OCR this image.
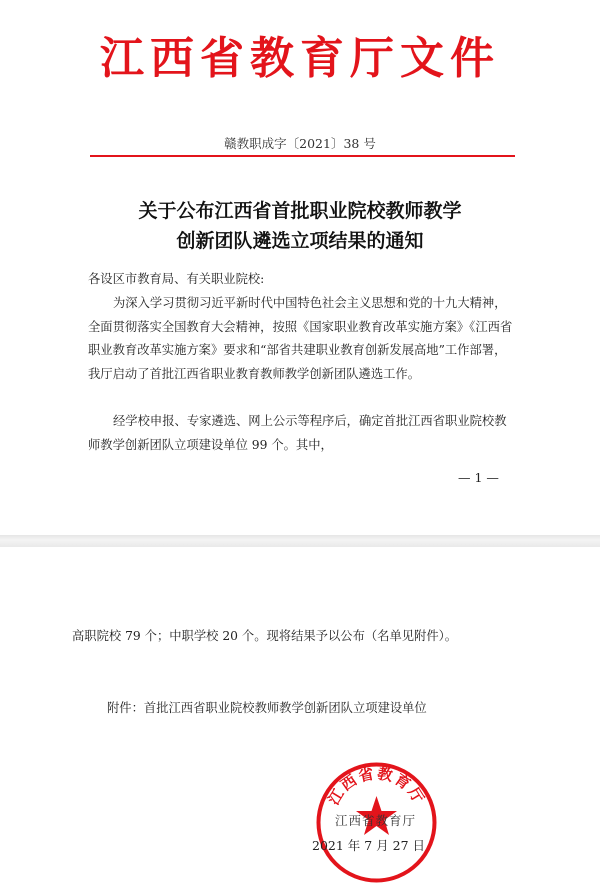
江西省教育厅文件
赣教职成字〔2021〕38 号
关于公布江西省首批职业院校教师教学
创新团队遴选立项结果的通知
各设区市教育局、有关职业院校:
为深入学习贯彻习近平新时代中国特色社会主义思想和党的十九大精神，全面贯彻落实全国教育大会精神，按照《国家职业教育改革实施方案》《江西省职业教育改革实施方案》要求和“部省共建职业教育创新发展高地”工作部署，我厅启动了首批江西省职业教育教师教学创新团队遴选工作。
经学校申报、专家遴选、网上公示等程序后，确定首批江西省职业院校教师教学创新团队立项建设单位 99 个。其中，
— 1 —
高职院校 79 个；中职学校 20 个。现将结果予以公布（名单见附件）。
附件：首批江西省职业院校教师教学创新团队立项建设单位
江西省教育厅
江西省教育厅
2021 年 7 月 27 日
